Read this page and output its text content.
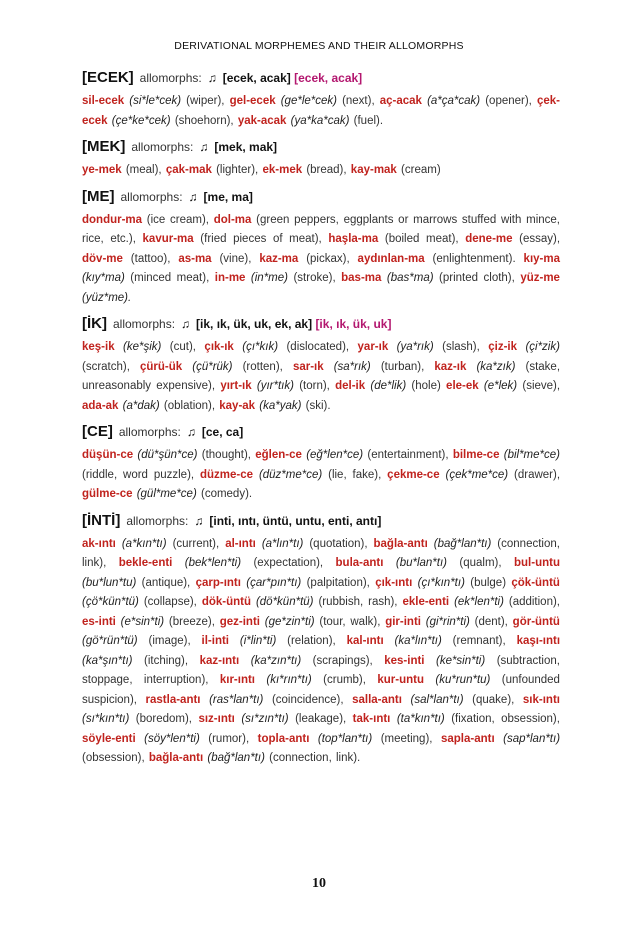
DERIVATIONAL MORPHEMES AND THEIR ALLOMORPHS
[ECEK] allomorphs: ♫ [ecek, acak] [ecek, acak]

sil-ecek (si*le*cek) (wiper), gel-ecek (ge*le*cek) (next), aç-acak (a*ça*cak) (opener), çek-ecek (çe*ke*cek) (shoehorn), yak-acak (ya*ka*cak) (fuel).

[MEK] allomorphs: ♫ [mek, mak]

ye-mek (meal), çak-mak (lighter), ek-mek (bread), kay-mak (cream)

[ME] allomorphs: ♫ [me, ma]

dondur-ma (ice cream), dol-ma (green peppers, eggplants or marrows stuffed with mince, rice, etc.), kavur-ma (fried pieces of meat), haşla-ma (boiled meat), dene-me (essay), döv-me (tattoo), as-ma (vine), kaz-ma (pickax), aydınlan-ma (enlightenment). kıy-ma (kıy*ma) (minced meat), in-me (in*me) (stroke), bas-ma (bas*ma) (printed cloth), yüz-me (yüz*me).

[İK] allomorphs: ♫ [ik, ık, ük, uk, ek, ak] [ik, ık, ük, uk]

keş-ik (ke*şik) (cut), çık-ık (çı*kık) (dislocated), yar-ık (ya*rık) (slash), çiz-ik (çi*zik) (scratch), çürü-ük (çü*rük) (rotten), sar-ık (sa*rık) (turban), kaz-ık (ka*zık) (stake, unreasonably expensive), yırt-ık (yır*tık) (torn), del-ik (de*lik) (hole) ele-ek (e*lek) (sieve), ada-ak (a*dak) (oblation), kay-ak (ka*yak) (ski).

[CE] allomorphs: ♫ [ce, ca]

düşün-ce (dü*şün*ce) (thought), eğlen-ce (eğ*len*ce) (entertainment), bilme-ce (bil*me*ce) (riddle, word puzzle), düzme-ce (düz*me*ce) (lie, fake), çekme-ce (çek*me*ce) (drawer), gülme-ce (gül*me*ce) (comedy).

[İNTİ] allomorphs: ♫ [inti, ıntı, üntü, untu, enti, antı]

ak-ıntı (a*kın*tı) (current), al-ıntı (a*lın*tı) (quotation), bağla-antı (bağ*lan*tı) (connection, link), bekle-enti (bek*len*ti) (expectation), bula-antı (bu*lan*tı) (qualm), bul-untu (bu*lun*tu) (antique), çarp-ıntı (çar*pın*tı) (palpitation), çık-ıntı (çı*kın*tı) (bulge) çök-üntü (çö*kün*tü) (collapse), dök-üntü (dö*kün*tü) (rubbish, rash), ekle-enti (ek*len*ti) (addition), es-inti (e*sin*ti) (breeze), gez-inti (ge*zin*ti) (tour, walk), gir-inti (gi*rin*ti) (dent), gör-üntü (gö*rün*tü) (image), il-inti (i*lin*ti) (relation), kal-ıntı (ka*lın*tı) (remnant), kaşı-ıntı (ka*şın*tı) (itching), kaz-ıntı (ka*zın*tı) (scrapings), kes-inti (ke*sin*ti) (subtraction, stoppage, interruption), kır-ıntı (kı*rın*tı) (crumb), kur-untu (ku*run*tu) (unfounded suspicion), rastla-antı (ras*lan*tı) (coincidence), salla-antı (sal*lan*tı) (quake), sık-ıntı (sı*kın*tı) (boredom), sız-ıntı (sı*zın*tı) (leakage), tak-ıntı (ta*kın*tı) (fixation, obsession), söyle-enti (söy*len*ti) (rumor), topla-antı (top*lan*tı) (meeting), sapla-antı (sap*lan*tı) (obsession), bağla-antı (bağ*lan*tı) (connection, link).

10
